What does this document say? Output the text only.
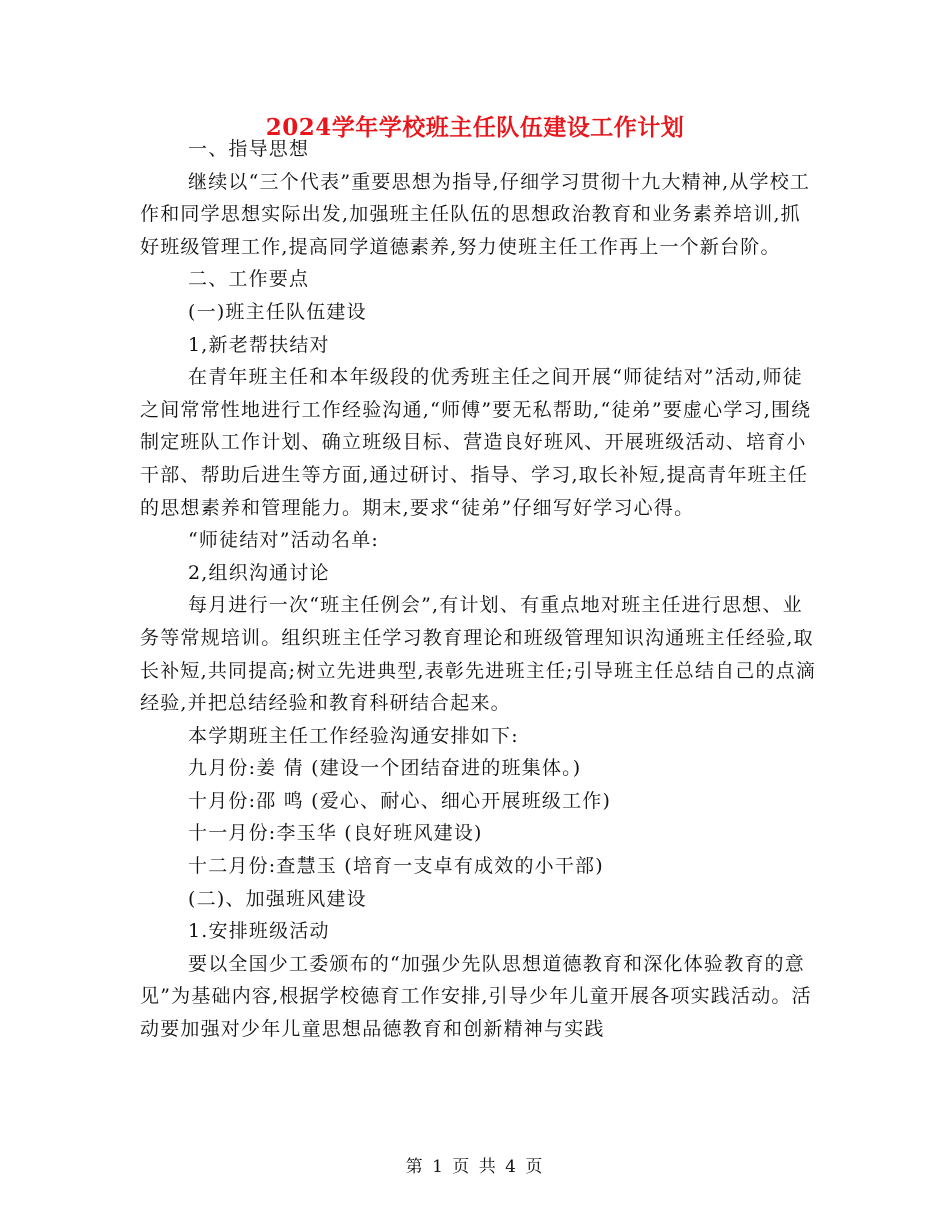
2024学年学校班主任队伍建设工作计划

一、指导思想

继续以“三个代表”重要思想为指导,仔细学习贯彻十九大精神,从学校工作和同学思想实际出发,加强班主任队伍的思想政治教育和业务素养培训,抓好班级管理工作,提高同学道德素养,努力使班主任工作再上一个新台阶。

二、工作要点

(一)班主任队伍建设

1,新老帮扶结对

在青年班主任和本年级段的优秀班主任之间开展“师徒结对”活动,师徒之间常常性地进行工作经验沟通,“师傅”要无私帮助,“徒弟”要虚心学习,围绕制定班队工作计划、确立班级目标、营造良好班风、开展班级活动、培育小干部、帮助后进生等方面,通过研讨、指导、学习,取长补短,提高青年班主任的思想素养和管理能力。期末,要求“徒弟”仔细写好学习心得。

“师徒结对”活动名单:

2,组织沟通讨论

每月进行一次“班主任例会”,有计划、有重点地对班主任进行思想、业务等常规培训。组织班主任学习教育理论和班级管理知识沟通班主任经验,取长补短,共同提高;树立先进典型,表彰先进班主任;引导班主任总结自己的点滴经验,并把总结经验和教育科研结合起来。

本学期班主任工作经验沟通安排如下:

九月份:姜 倩 (建设一个团结奋进的班集体。)

十月份:邵 鸣 (爱心、耐心、细心开展班级工作)

十一月份:李玉华 (良好班风建设)

十二月份:查慧玉 (培育一支卓有成效的小干部)

(二)、加强班风建设

1.安排班级活动

要以全国少工委颁布的“加强少先队思想道德教育和深化体验教育的意见”为基础内容,根据学校德育工作安排,引导少年儿童开展各项实践活动。活动要加强对少年儿童思想品德教育和创新精神与实践

第 1 页 共 4 页
